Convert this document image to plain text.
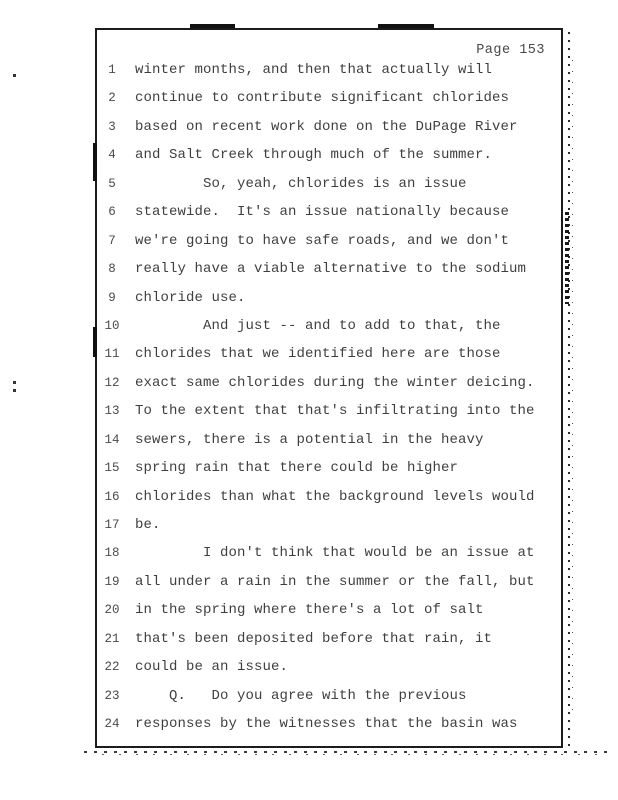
Page 153
1	winter months, and then that actually will
2	continue to contribute significant chlorides
3	based on recent work done on the DuPage River
4	and Salt Creek through much of the summer.
5	So, yeah, chlorides is an issue
6	statewide.  It's an issue nationally because
7	we're going to have safe roads, and we don't
8	really have a viable alternative to the sodium
9	chloride use.
10	And just -- and to add to that, the
11	chlorides that we identified here are those
12	exact same chlorides during the winter deicing.
13	To the extent that that's infiltrating into the
14	sewers, there is a potential in the heavy
15	spring rain that there could be higher
16	chlorides than what the background levels would
17	be.
18	I don't think that would be an issue at
19	all under a rain in the summer or the fall, but
20	in the spring where there's a lot of salt
21	that's been deposited before that rain, it
22	could be an issue.
23	Q.   Do you agree with the previous
24	responses by the witnesses that the basin was
